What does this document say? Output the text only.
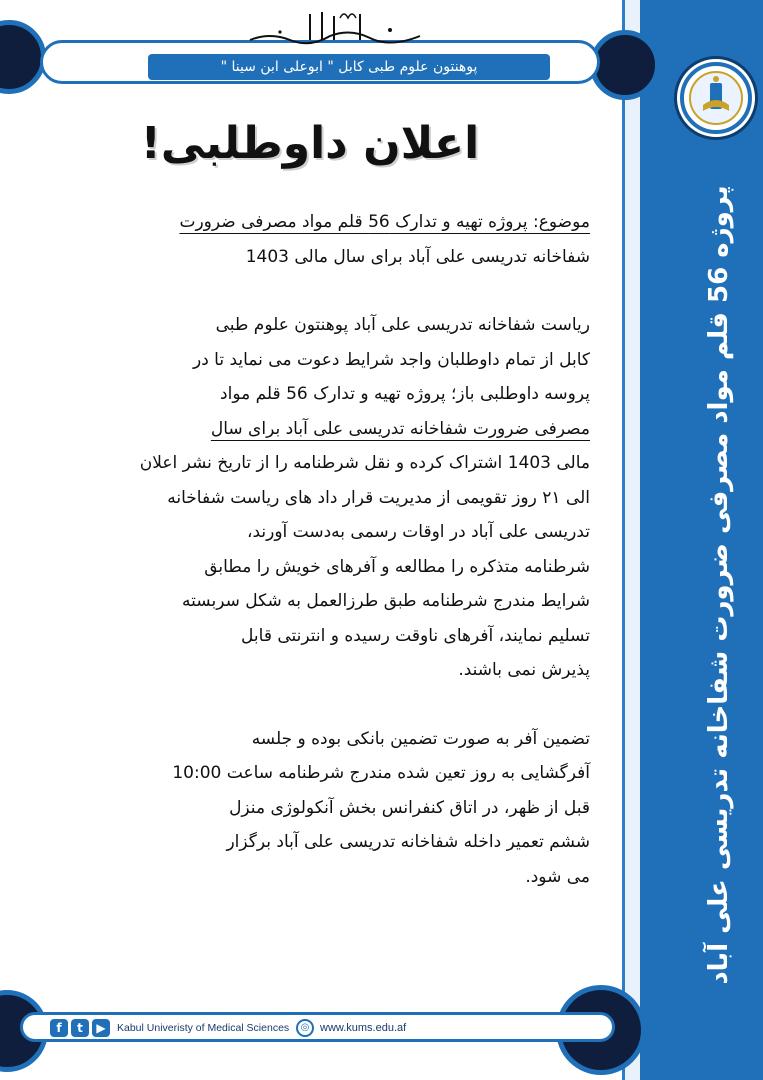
پروژه 56 قلم مواد مصرفی ضرورت شفاخانه تدریسی علی آباد
پوهنتون علوم طبی کابل " ابوعلی ابن سینا "
اعلان داوطلبی!

موضوع: پروژه تهیه و تدارک 56 قلم مواد مصرفی ضرورت
شفاخانه تدریسی علی آباد برای سال مالی 1403

ریاست شفاخانه تدریسی علی آباد پوهنتون علوم طبی
کابل از تمام داوطلبان واجد شرایط دعوت می نماید تا در
پروسه داوطلبی باز؛ پروژه تهیه و تدارک 56 قلم مواد
مصرفی ضرورت شفاخانه تدریسی علی آباد برای سال
مالی 1403 اشتراک کرده و نقل شرطنامه را از تاریخ نشر اعلان
الی ۲۱ روز تقویمی از مدیریت قرار داد های ریاست شفاخانه
تدریسی علی آباد در اوقات رسمی به‌دست آورند،
شرطنامه متذکره را مطالعه و آفرهای خویش را مطابق
شرایط مندرج شرطنامه طبق طرزالعمل به شکل سربسته
تسلیم نمایند، آفرهای ناوقت رسیده و انترنتی قابل
پذیرش نمی باشند.

تضمین آفر به صورت تضمین بانکی بوده و جلسه
آفرگشایی به روز تعین شده مندرج شرطنامه ساعت 10:00
قبل از ظهر، در اتاق کنفرانس بخش آنکولوژی منزل
ششم تعمیر داخله شفاخانه تدریسی علی آباد برگزار
می شود.

f	t	▶	Kabul Univeristy of Medical Sciences	◎ www.kums.edu.af
